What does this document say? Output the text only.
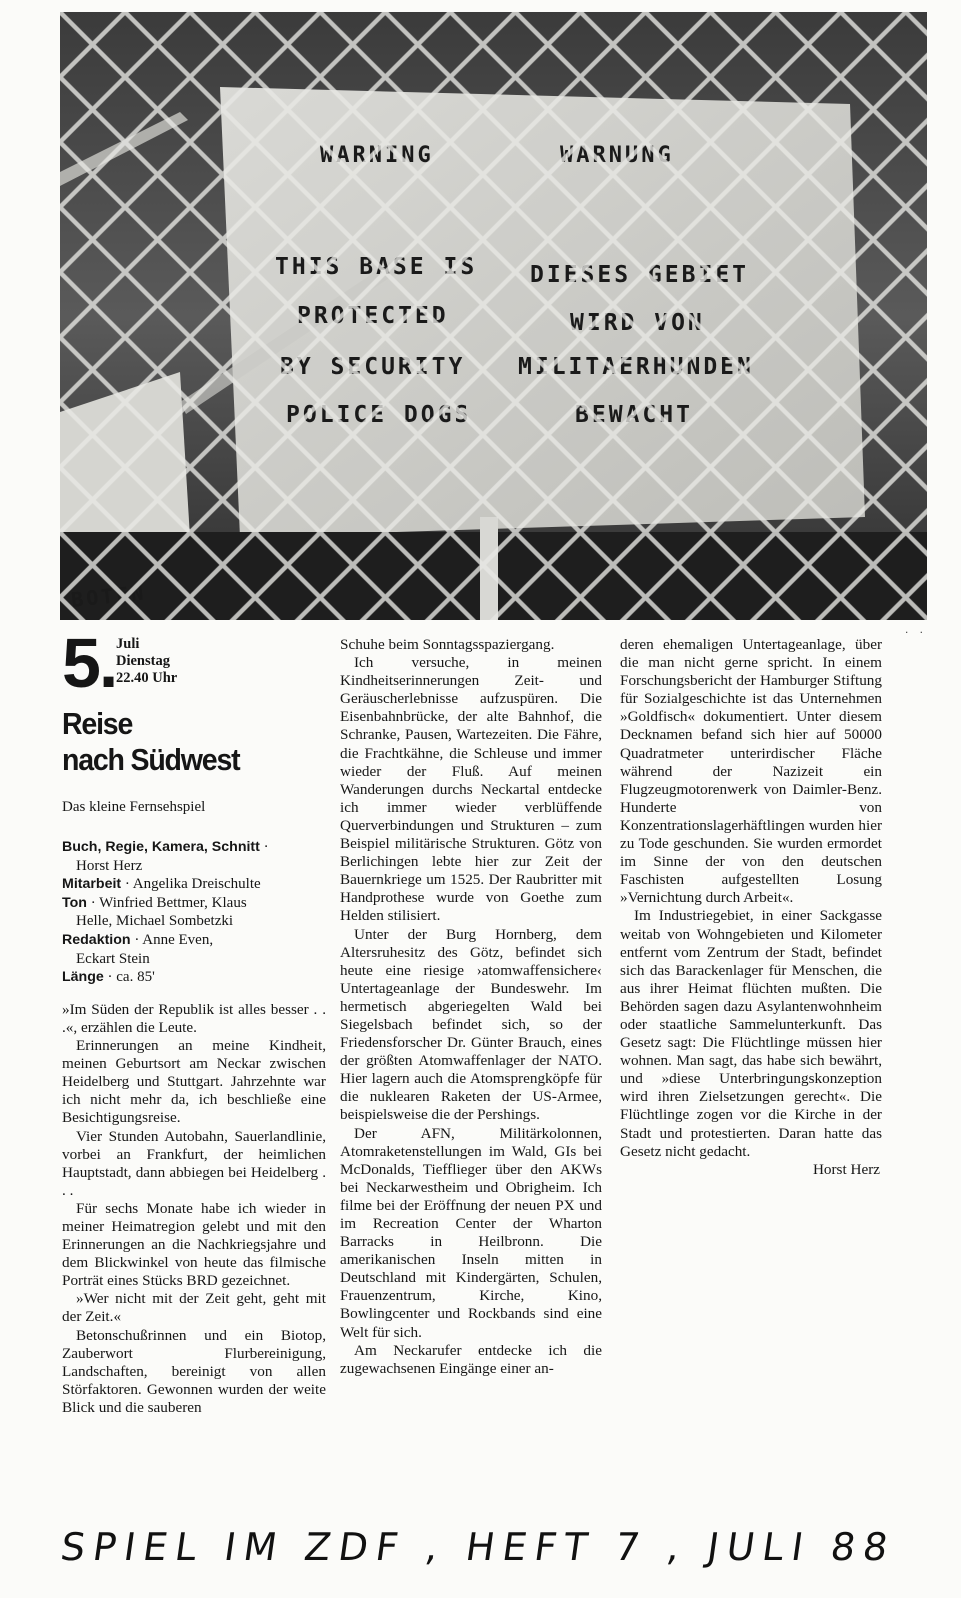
. .
5. Juli
Dienstag
22.40 Uhr
Reise
nach Südwest

Das kleine Fernsehspiel

Buch, Regie, Kamera, Schnitt ·
Horst Herz

Mitarbeit · Angelika Dreischulte

Ton · Winfried Bettmer, Klaus
Helle, Michael Sombetzki

Redaktion · Anne Even,
Eckart Stein

Länge · ca. 85'

»Im Süden der Republik ist alles besser . . .«, erzählen die Leute.

Erinnerungen an meine Kindheit, meinen Geburtsort am Neckar zwischen Heidelberg und Stuttgart. Jahrzehnte war ich nicht mehr da, ich beschließe eine Besichtigungsreise.

Vier Stunden Autobahn, Sauerlandlinie, vorbei an Frankfurt, der heimlichen Hauptstadt, dann abbiegen bei Heidelberg . . .

Für sechs Monate habe ich wieder in meiner Heimatregion gelebt und mit den Erinnerungen an die Nachkriegsjahre und dem Blickwinkel von heute das filmische Porträt eines Stücks BRD gezeichnet.

»Wer nicht mit der Zeit geht, geht mit der Zeit.«

Betonschußrinnen und ein Biotop, Zauberwort Flurbereinigung, Landschaften, bereinigt von allen Störfaktoren. Gewonnen wurden der weite Blick und die sauberen

Schuhe beim Sonntagsspaziergang.

Ich versuche, in meinen Kindheitserinnerungen Zeit- und Geräuscherlebnisse aufzuspüren. Die Eisenbahnbrücke, der alte Bahnhof, die Schranke, Pausen, Wartezeiten. Die Fähre, die Frachtkähne, die Schleuse und immer wieder der Fluß. Auf meinen Wanderungen durchs Neckartal entdecke ich immer wieder verblüffende Querverbindungen und Strukturen – zum Beispiel militärische Strukturen. Götz von Berlichingen lebte hier zur Zeit der Bauernkriege um 1525. Der Raubritter mit Handprothese wurde von Goethe zum Helden stilisiert.

Unter der Burg Hornberg, dem Altersruhesitz des Götz, befindet sich heute eine riesige ›atomwaffensichere‹ Untertageanlage der Bundeswehr. Im hermetisch abgeriegelten Wald bei Siegelsbach befindet sich, so der Friedensforscher Dr. Günter Brauch, eines der größten Atomwaffenlager der NATO. Hier lagern auch die Atomsprengköpfe für die nuklearen Raketen der US-Armee, beispielsweise die der Pershings.

Der AFN, Militärkolonnen, Atomraketenstellungen im Wald, GIs bei McDonalds, Tiefflieger über den AKWs bei Neckarwestheim und Obrigheim. Ich filme bei der Eröffnung der neuen PX und im Recreation Center der Wharton Barracks in Heilbronn. Die amerikanischen Inseln mitten in Deutschland mit Kindergärten, Schulen, Frauenzentrum, Kirche, Kino, Bowlingcenter und Rockbands sind eine Welt für sich.

Am Neckarufer entdecke ich die zugewachsenen Eingänge einer an-

deren ehemaligen Untertageanlage, über die man nicht gerne spricht. In einem Forschungsbericht der Hamburger Stiftung für Sozialgeschichte ist das Unternehmen »Goldfisch« dokumentiert. Unter diesem Decknamen befand sich hier auf 50000 Quadratmeter unterirdischer Fläche während der Nazizeit ein Flugzeugmotorenwerk von Daimler-Benz. Hunderte von Konzentrationslagerhäftlingen wurden hier zu Tode geschunden. Sie wurden ermordet im Sinne der von den deutschen Faschisten aufgestellten Losung »Vernichtung durch Arbeit«.

Im Industriegebiet, in einer Sackgasse weitab von Wohngebieten und Kilometer entfernt vom Zentrum der Stadt, befindet sich das Barackenlager für Menschen, die aus ihrer Heimat flüchten mußten. Die Behörden sagen dazu Asylantenwohnheim oder staatliche Sammelunterkunft. Das Gesetz sagt: Die Flüchtlinge müssen hier wohnen. Man sagt, das habe sich bewährt, und »diese Unterbringungskonzeption wird ihren Zielsetzungen gerecht«. Die Flüchtlinge zogen vor die Kirche in der Stadt und protestierten. Daran hatte das Gesetz nicht gedacht.

Horst Herz

SPIEL IM ZDF , HEFT 7 , JULI 88
